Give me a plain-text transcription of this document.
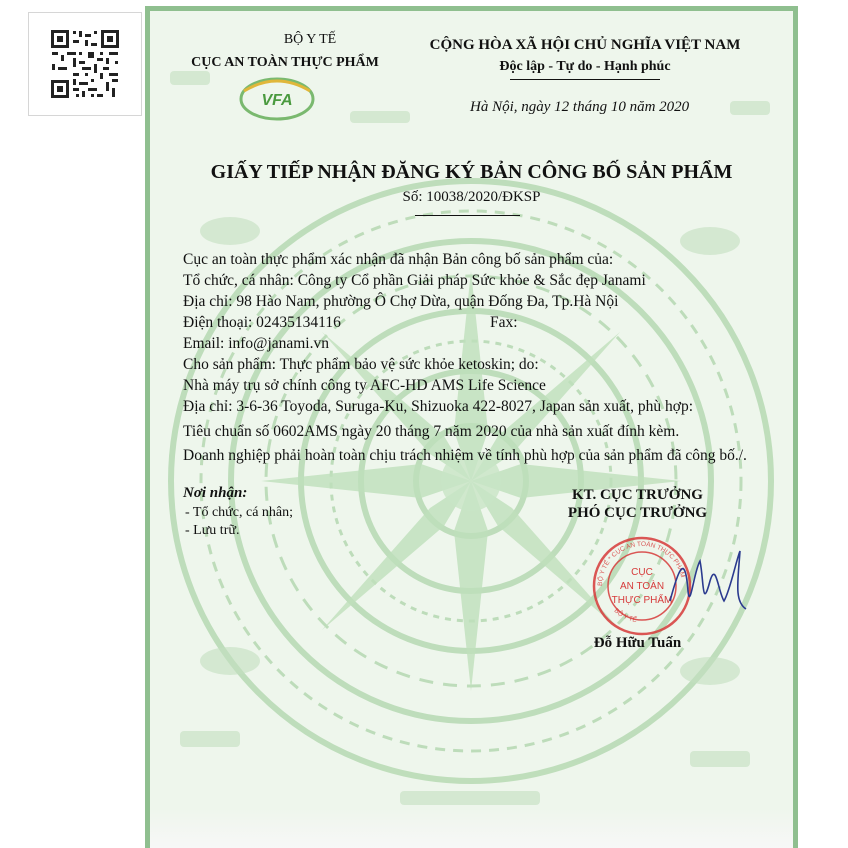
BỘ Y TẾ
CỤC AN TOÀN THỰC PHẨM
VFA
CỘNG HÒA XÃ HỘI CHỦ NGHĨA VIỆT NAM
Độc lập - Tự do - Hạnh phúc
Hà Nội, ngày 12 tháng 10 năm 2020
GIẤY TIẾP NHẬN ĐĂNG KÝ BẢN CÔNG BỐ SẢN PHẨM
Số: 10038/2020/ĐKSP
Cục an toàn thực phẩm xác nhận đã nhận Bản công bố sản phẩm của:
Tổ chức, cá nhân: Công ty Cổ phần Giải pháp Sức khỏe & Sắc đẹp Janami
Địa chỉ: 98 Hào Nam, phường Ô Chợ Dừa, quận Đống Đa, Tp.Hà Nội
Điện thoại: 02435134116	Fax:
Email: info@janami.vn
Cho sản phẩm: Thực phẩm bảo vệ sức khỏe ketoskin; do:
Nhà máy trụ sở chính công ty AFC-HD AMS Life Science
Địa chỉ: 3-6-36 Toyoda, Suruga-Ku, Shizuoka 422-8027, Japan sản xuất, phù hợp:
Tiêu chuẩn số 0602AMS ngày 20 tháng 7 năm 2020 của nhà sản xuất đính kèm.
Doanh nghiệp phải hoàn toàn chịu trách nhiệm về tính phù hợp của sản phẩm đã công bố./.
Nơi nhận:
- Tổ chức, cá nhân;
- Lưu trữ.
KT. CỤC TRƯỞNG
PHÓ CỤC TRƯỞNG
BỘ Y TẾ * CỤC AN TOÀN THỰC PHẨM
BỘ Y TẾ
CỤC
AN TOÀN
THỰC PHẨM
Đỗ Hữu Tuấn
